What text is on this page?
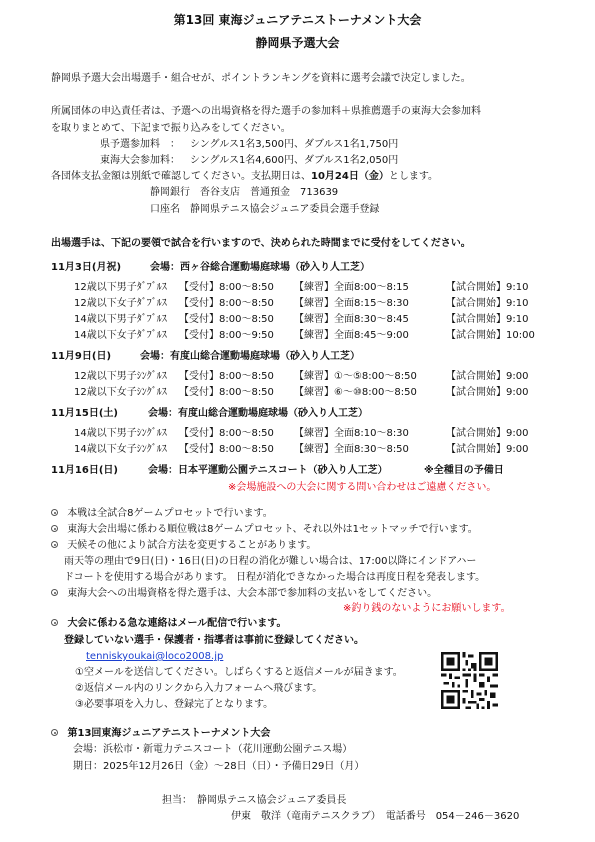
第13回 東海ジュニアテニストーナメント大会
静岡県予選大会
静岡県予選大会出場選手・組合せが、ポイントランキングを資料に選考会議で決定しました。
所属団体の申込責任者は、予選への出場資格を得た選手の参加料＋県推薦選手の東海大会参加料
を取りまとめて、下記まで振り込みをしてください。
県予選参加料　： シングルス1名3,500円、ダブルス1名1,750円
東海大会参加料： シングルス1名4,600円、ダブルス1名2,050円
各団体支払金額は別紙で確認してください。支払期日は、10月24日（金）とします。
静岡銀行　沓谷支店　普通預金　713639
口座名　静岡県テニス協会ジュニア委員会選手登録
出場選手は、下記の要領で試合を行いますので、決められた時間までに受付をしてください。
11月3日(月祝)	会場：西ヶ谷総合運動場庭球場（砂入り人工芝）
12歳以下男子ﾀﾞﾌﾞﾙｽ 【受付】8:00～8:50 【練習】全面8:00～8:15	【試合開始】9:10
12歳以下女子ﾀﾞﾌﾞﾙｽ 【受付】8:00～8:50 【練習】全面8:15～8:30	【試合開始】9:10
14歳以下男子ﾀﾞﾌﾞﾙｽ 【受付】8:00～8:50 【練習】全面8:30～8:45	【試合開始】9:10
14歳以下女子ﾀﾞﾌﾞﾙｽ 【受付】8:00～9:50 【練習】全面8:45～9:00	【試合開始】10:00
11月9日(日)	会場：有度山総合運動場庭球場（砂入り人工芝）
12歳以下男子ｼﾝｸﾞﾙｽ 【受付】8:00～8:50 【練習】①～⑤8:00～8:50	【試合開始】9:00
12歳以下女子ｼﾝｸﾞﾙｽ 【受付】8:00～8:50 【練習】⑥～⑩8:00～8:50	【試合開始】9:00
11月15日(土)	会場：有度山総合運動場庭球場（砂入り人工芝）
14歳以下男子ｼﾝｸﾞﾙｽ 【受付】8:00～8:50 【練習】全面8:10～8:30	【試合開始】9:00
14歳以下女子ｼﾝｸﾞﾙｽ 【受付】8:00～8:50 【練習】全面8:30～8:50	【試合開始】9:00
11月16日(日)	会場：日本平運動公園テニスコート（砂入り人工芝）	※全種目の予備日
※会場施設への大会に関する問い合わせはご遠慮ください。
本戦は全試合8ゲームプロセットで行います。
東海大会出場に係わる順位戦は8ゲームプロセット、それ以外は1セットマッチで行います。
天候その他により試合方法を変更することがあります。
雨天等の理由で9日(日)・16日(日)の日程の消化が難しい場合は、17:00以降にインドアハー
ドコートを使用する場合があります。 日程が消化できなかった場合は再度日程を発表します。
東海大会への出場資格を得た選手は、大会本部で参加料の支払いをしてください。
※釣り銭のないようにお願いします。
大会に係わる急な連絡はメール配信で行います。
登録していない選手・保護者・指導者は事前に登録してください。
tenniskyoukai@loco2008.jp
①空メールを送信してください。しばらくすると返信メールが届きます。
②返信メール内のリンクから入力フォームへ飛びます。
③必要事項を入力し、登録完了となります。
第13回東海ジュニアテニストーナメント大会
会場：浜松市・新電力テニスコート（花川運動公園テニス場）
期日：2025年12月26日（金）～28日（日）・予備日29日（月）
担当：　静岡県テニス協会ジュニア委員長
伊東　敬洋（竜南テニスクラブ）　電話番号　054－246－3620
